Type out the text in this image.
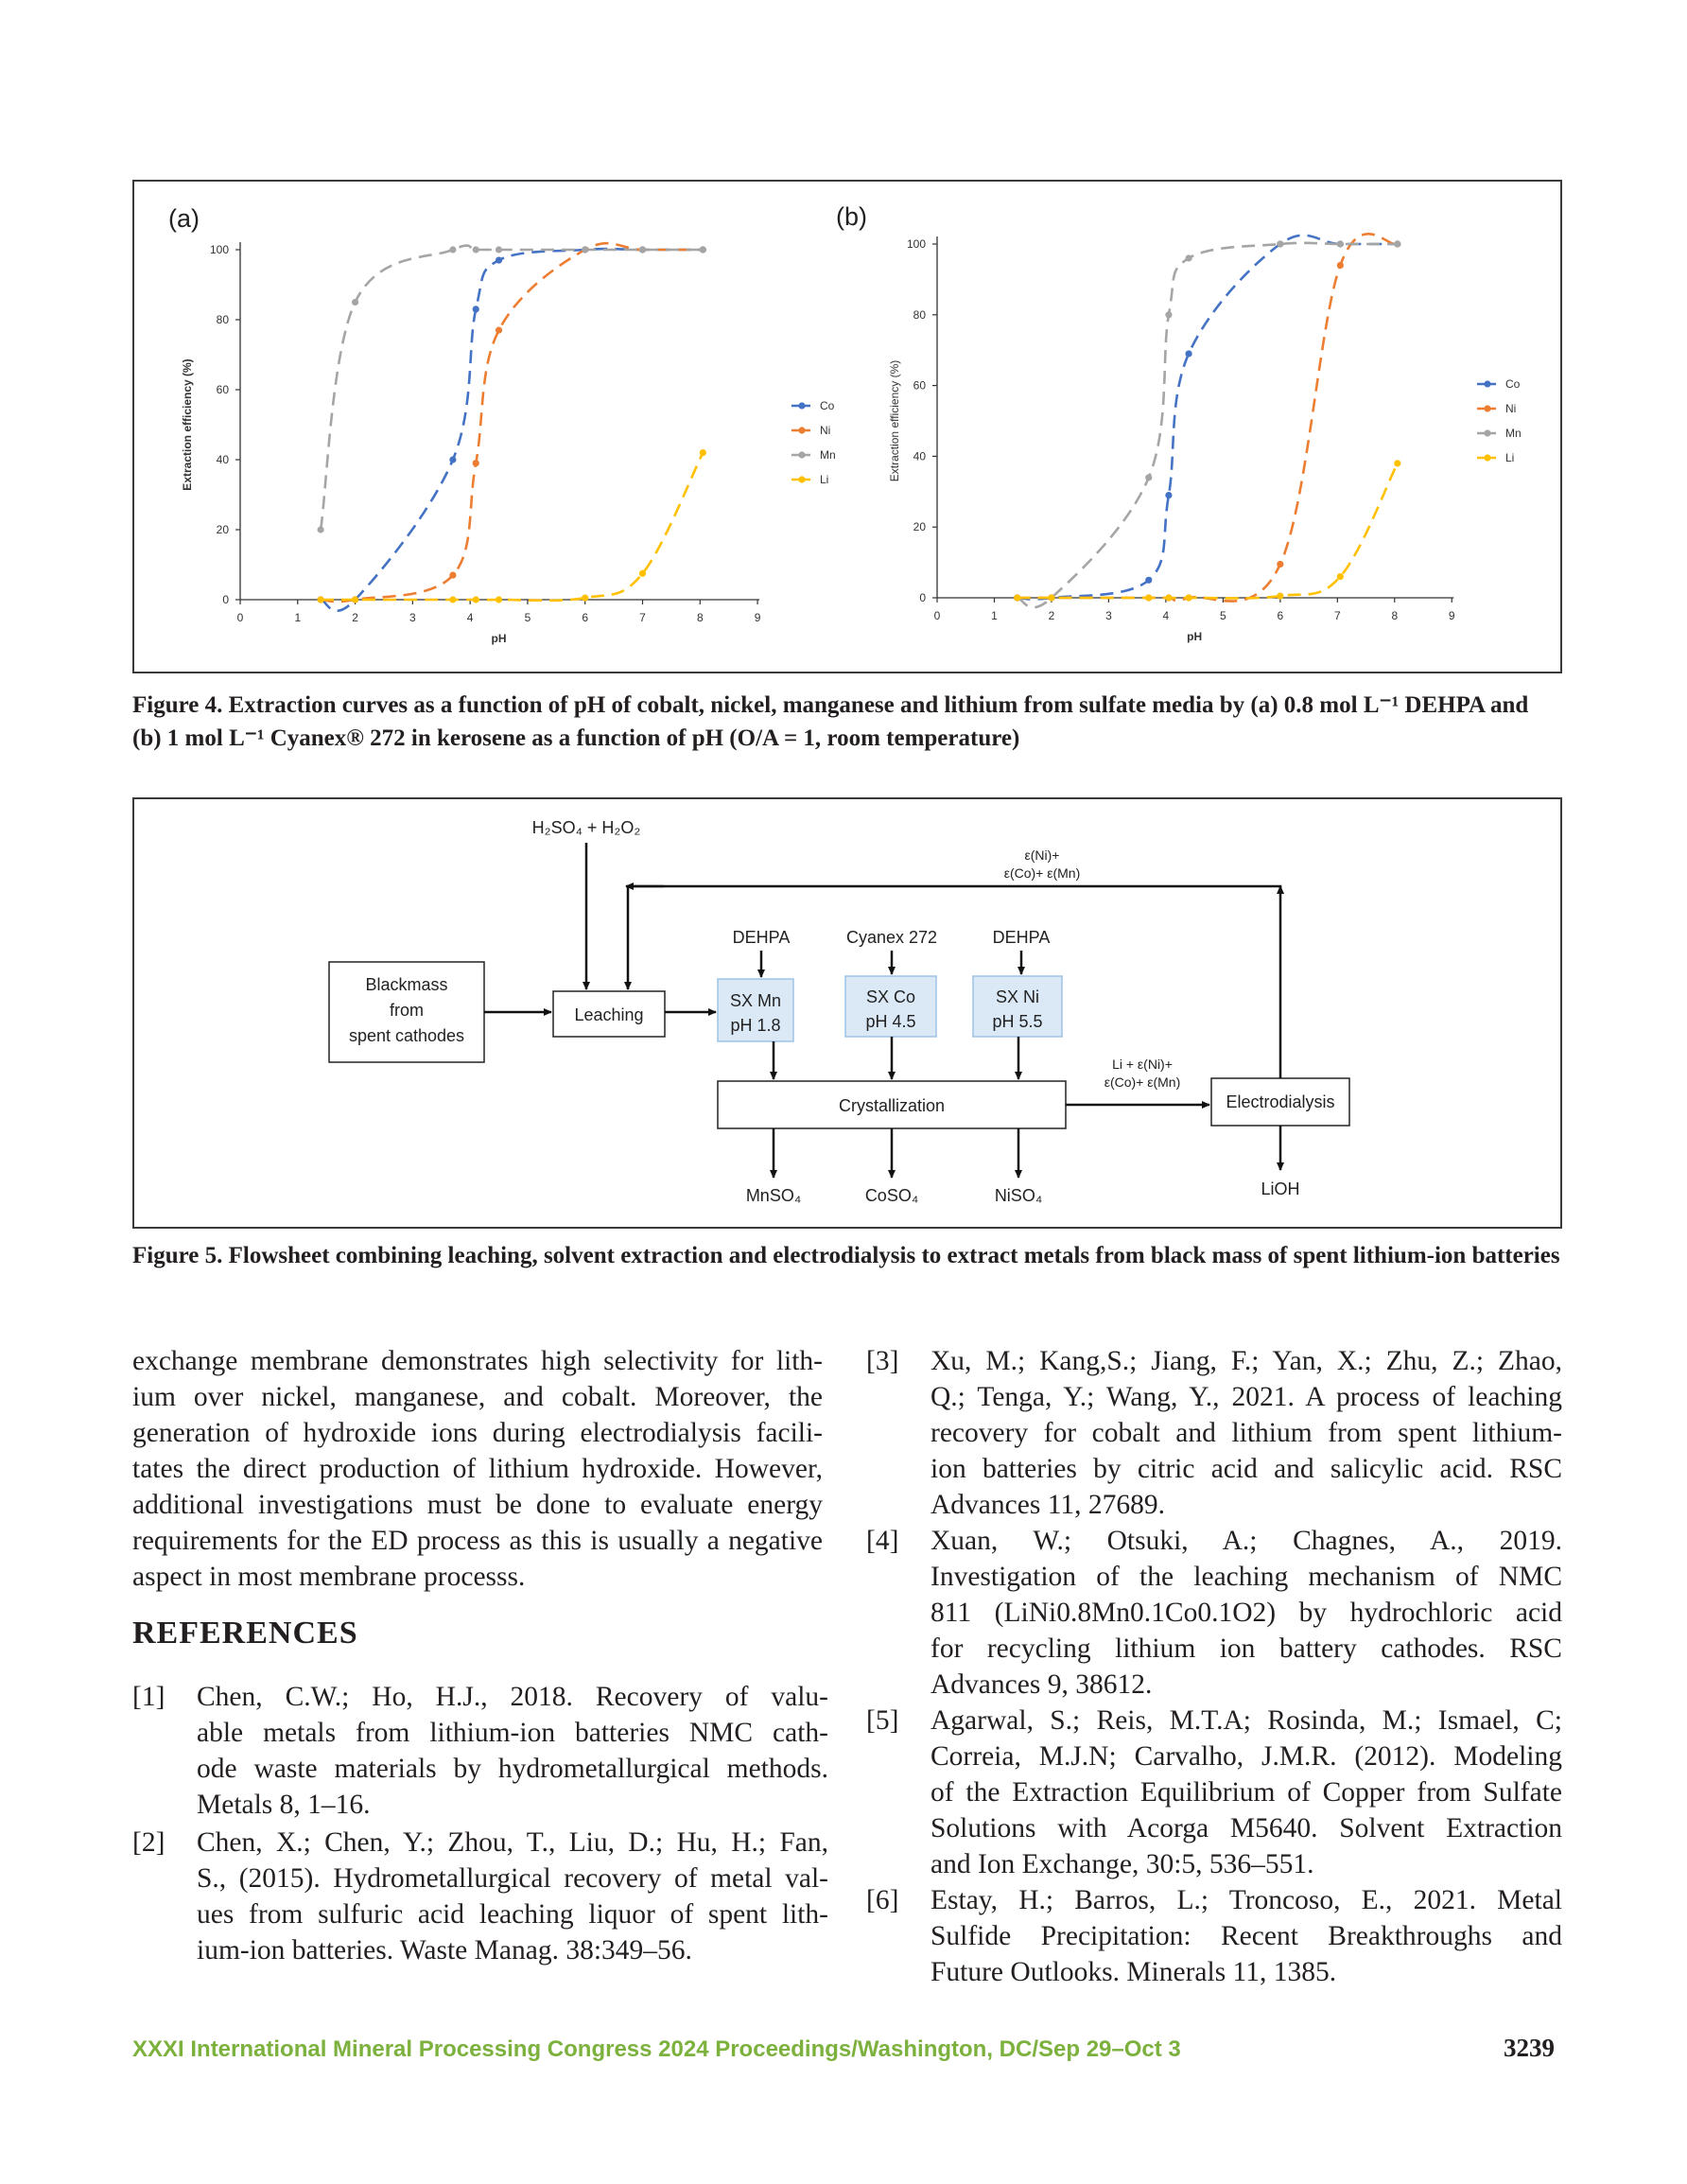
(a)
0	1	2	3	4	5	6	7	8	9
0
20
40
60
80
100
pH
Extraction efficiency (%)	Co
Ni
Mn
Li
(b)
0	1	2	3	4	5	6	7	8	9
0
20
40
60
80
100
pH
Extraction efficiency (%)	Co
Ni
Mn
Li
Figure 4. Extraction curves as a function of pH of cobalt, nickel, manganese and lithium from sulfate media by (a) 0.8 mol L⁻¹ DEHPA and (b) 1 mol L⁻¹ Cyanex® 272 in kerosene as a function of pH (O/A = 1, room temperature)
Blackmass
from
spent cathodes
Leaching
SX Mn
pH 1.8
SX Co
pH 4.5
SX Ni
pH 5.5
Crystallization	Electrodialysis
H₂SO₄ + H₂O₂
DEHPA	Cyanex 272	DEHPA
MnSO₄	CoSO₄	NiSO₄	LiOH
ε(Ni)+
ε(Co)+ ε(Mn)
Li + ε(Ni)+
ε(Co)+ ε(Mn)
Figure 5. Flowsheet combining leaching, solvent extraction and electrodialysis to extract metals from black mass of spent lithium-ion batteries
exchange membrane demonstrates high selectivity for lith-
ium over nickel, manganese, and cobalt. Moreover, the
generation of hydroxide ions during electrodialysis facili-
tates the direct production of lithium hydroxide. However,
additional investigations must be done to evaluate energy
requirements for the ED process as this is usually a negative
aspect in most membrane processs.
REFERENCES
[1] Chen, C.W.; Ho, H.J., 2018. Recovery of valu-
able metals from lithium-ion batteries NMC cath-
ode waste materials by hydrometallurgical methods.
Metals 8, 1–16.
[2] Chen, X.; Chen, Y.; Zhou, T., Liu, D.; Hu, H.; Fan,
S., (2015). Hydrometallurgical recovery of metal val-
ues from sulfuric acid leaching liquor of spent lith-
ium-ion batteries. Waste Manag. 38:349–56.
[3] Xu, M.; Kang,S.; Jiang, F.; Yan, X.; Zhu, Z.; Zhao,
Q.; Tenga, Y.; Wang, Y., 2021. A process of leaching
recovery for cobalt and lithium from spent lithium-
ion batteries by citric acid and salicylic acid. RSC
Advances 11, 27689.
[4] Xuan, W.; Otsuki, A.; Chagnes, A., 2019.
Investigation of the leaching mechanism of NMC
811 (LiNi0.8Mn0.1Co0.1O2) by hydrochloric acid
for recycling lithium ion battery cathodes. RSC
Advances 9, 38612.
[5] Agarwal, S.; Reis, M.T.A; Rosinda, M.; Ismael, C;
Correia, M.J.N; Carvalho, J.M.R. (2012). Modeling
of the Extraction Equilibrium of Copper from Sulfate
Solutions with Acorga M5640. Solvent Extraction
and Ion Exchange, 30:5, 536–551.
[6] Estay, H.; Barros, L.; Troncoso, E., 2021. Metal
Sulfide Precipitation: Recent Breakthroughs and
Future Outlooks. Minerals 11, 1385.
XXXI International Mineral Processing Congress 2024 Proceedings/Washington, DC/Sep 29–Oct 3	3239
